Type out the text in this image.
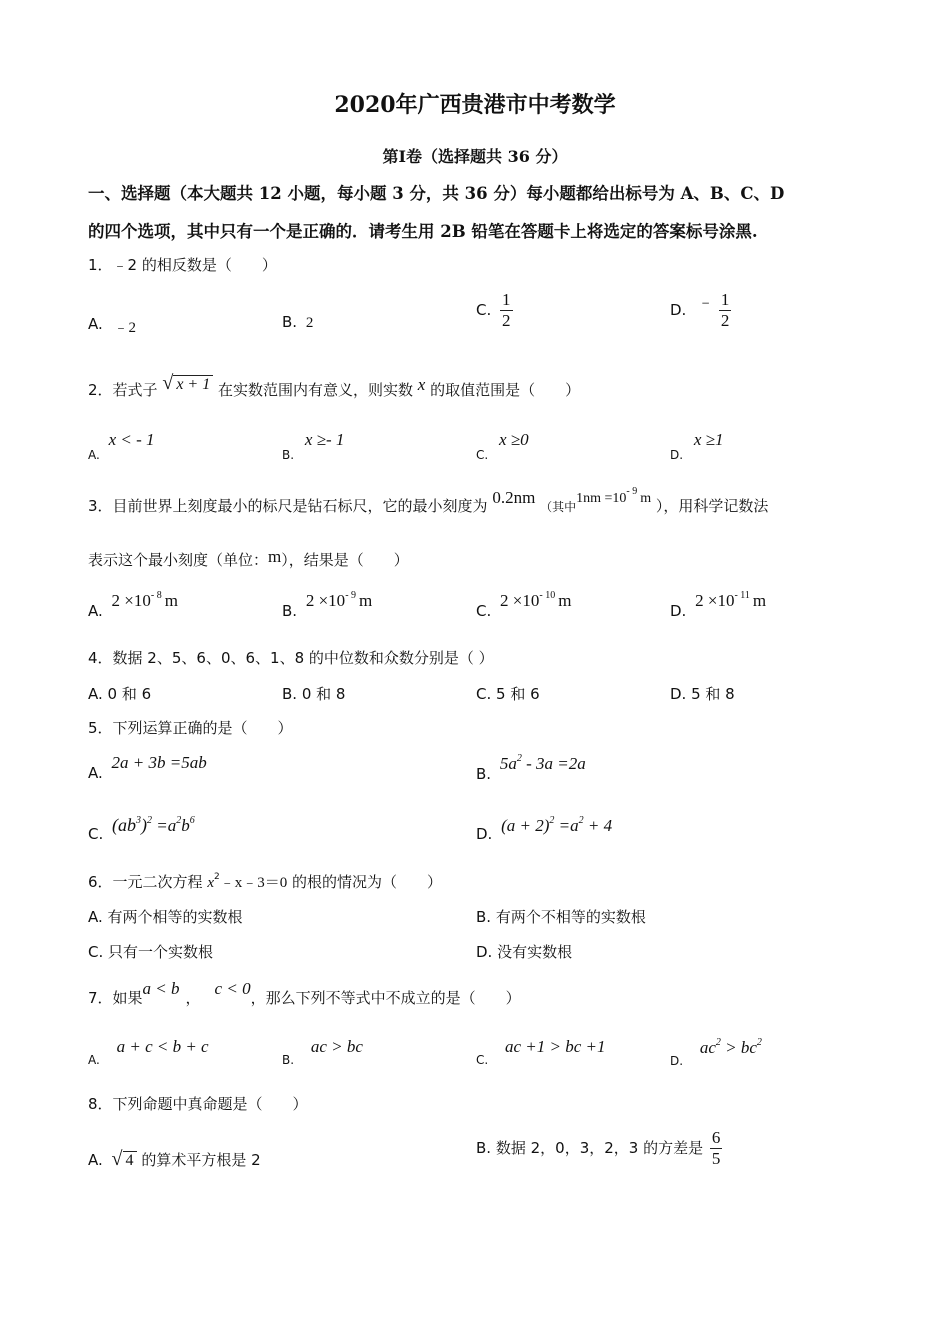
2020年广西贵港市中考数学
第Ⅰ卷（选择题共 36 分）
一、选择题（本大题共 12 小题，每小题 3 分，共 36 分）每小题都给出标号为 A、B、C、D
的四个选项，其中只有一个是正确的．请考生用 2B 铅笔在答题卡上将选定的答案标号涂黑.
1．﹣2 的相反数是（　　）
A. ﹣2	B. 2
C. $\frac{1}{2}$	D. ﹣ $\frac{1}{2}$
2．若式子 √ x + 1 在实数范围内有意义，则实数 x 的取值范围是（　　）
$_{A.}$ x < - 1
$_{B.}$ x ≥- 1
$_{C.}$ x ≥0
$_{D.}$ x ≥1
3．目前世界上刻度最小的标尺是钻石标尺，它的最小刻度为 0.2nm （其中$1nm =10^{- 9}$ m ），用科学记数法
表示这个最小刻度（单位：m），结果是（　　）
A. $2 \times 10^{- 8}$ m
B. $2 \times 10^{- 9}$ m
C. $2 \times 10^{- 10}$ m
D. $2 \times 10^{- 11}$ m
4．数据 2、5、6、0、6、1、8 的中位数和众数分别是（ ）
A. 0 和 6	B. 0 和 8	C. 5 和 6	D. 5 和 8
5．下列运算正确的是（　　）
A. 2a + 3b =5ab
B. $5a^2 - 3a =2a$
C. $(ab^3)^2 =a^2b^6$
D. $(a + 2)^2 =a^2 + 4$
6．一元二次方程 $x^2﹣x﹣3=0$ 的根的情况为（　　）
A. 有两个相等的实数根	B. 有两个不相等的实数根
C. 只有一个实数根	D. 没有实数根
7．如果a < b ， c < 0，那么下列不等式中不成立的是（　　）
$_{A.}$ a + c < b + c
$_{B.}$ ac > bc
$_{C.}$ ac +1 > bc +1
$_{D.}$ $ac^2 > bc^2$
8．下列命题中真命题是（　　）
A. √ 4 的算术平方根是 2
B. 数据 2，0，3，2，3 的方差是 $\frac{6}{5}$
